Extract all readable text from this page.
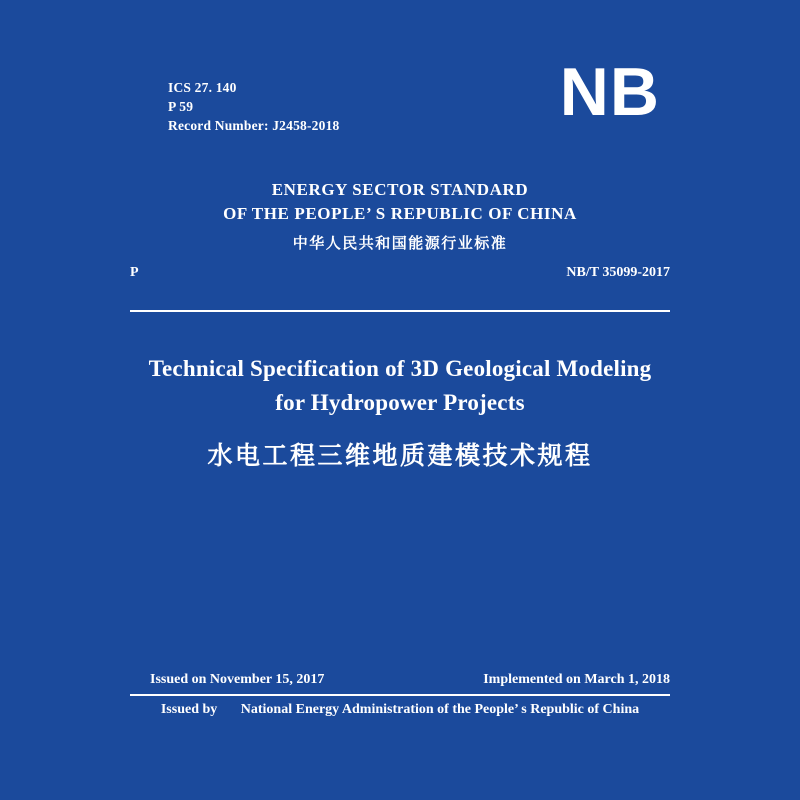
ICS 27. 140
P 59
Record Number: J2458-2018	NB
ENERGY SECTOR STANDARD
OF THE PEOPLE’ S REPUBLIC OF CHINA
中华人民共和国能源行业标准
P	NB/T 35099-2017
Technical Specification of 3D Geological Modeling
for Hydropower Projects
水电工程三维地质建模技术规程
Issued on November 15, 2017	Implemented on March 1, 2018
Issued by National Energy Administration of the People’ s Republic of China
